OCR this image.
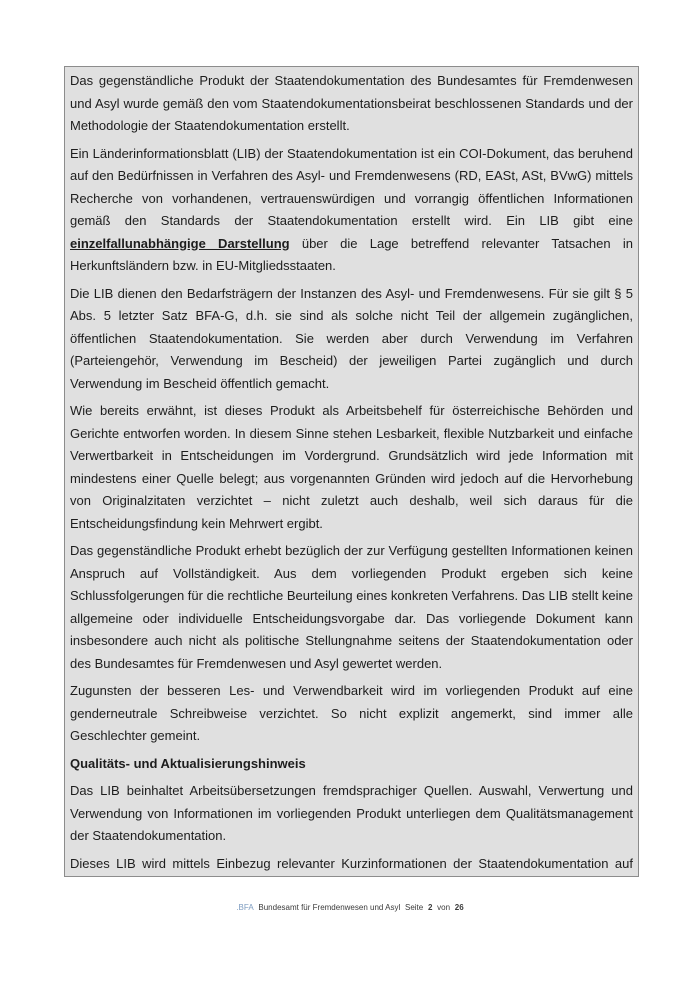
Das gegenständliche Produkt der Staatendokumentation des Bundesamtes für Fremdenwesen und Asyl wurde gemäß den vom Staatendokumentationsbeirat beschlossenen Standards und der Methodologie der Staatendokumentation erstellt.

Ein Länderinformationsblatt (LIB) der Staatendokumentation ist ein COI-Dokument, das beruhend auf den Bedürfnissen in Verfahren des Asyl- und Fremdenwesens (RD, EASt, ASt, BVwG) mittels Recherche von vorhandenen, vertrauenswürdigen und vorrangig öffentlichen Informationen gemäß den Standards der Staatendokumentation erstellt wird. Ein LIB gibt eine einzelfallunabhängige Darstellung über die Lage betreffend relevanter Tatsachen in Herkunftsländern bzw. in EU-Mitgliedsstaaten.

Die LIB dienen den Bedarfsträgern der Instanzen des Asyl- und Fremdenwesens. Für sie gilt § 5 Abs. 5 letzter Satz BFA-G, d.h. sie sind als solche nicht Teil der allgemein zugänglichen, öffentlichen Staatendokumentation. Sie werden aber durch Verwendung im Verfahren (Parteiengehör, Verwendung im Bescheid) der jeweiligen Partei zugänglich und durch Verwendung im Bescheid öffentlich gemacht.

Wie bereits erwähnt, ist dieses Produkt als Arbeitsbehelf für österreichische Behörden und Gerichte entworfen worden. In diesem Sinne stehen Lesbarkeit, flexible Nutzbarkeit und einfache Verwertbarkeit in Entscheidungen im Vordergrund. Grundsätzlich wird jede Information mit mindestens einer Quelle belegt; aus vorgenannten Gründen wird jedoch auf die Hervorhebung von Originalzitaten verzichtet – nicht zuletzt auch deshalb, weil sich daraus für die Entscheidungsfindung kein Mehrwert ergibt.

Das gegenständliche Produkt erhebt bezüglich der zur Verfügung gestellten Informationen keinen Anspruch auf Vollständigkeit. Aus dem vorliegenden Produkt ergeben sich keine Schlussfolgerungen für die rechtliche Beurteilung eines konkreten Verfahrens. Das LIB stellt keine allgemeine oder individuelle Entscheidungsvorgabe dar. Das vorliegende Dokument kann insbesondere auch nicht als politische Stellungnahme seitens der Staatendokumentation oder des Bundesamtes für Fremdenwesen und Asyl gewertet werden.

Zugunsten der besseren Les- und Verwendbarkeit wird im vorliegenden Produkt auf eine genderneutrale Schreibweise verzichtet. So nicht explizit angemerkt, sind immer alle Geschlechter gemeint.

Qualitäts- und Aktualisierungshinweis

Das LIB beinhaltet Arbeitsübersetzungen fremdsprachiger Quellen. Auswahl, Verwertung und Verwendung von Informationen im vorliegenden Produkt unterliegen dem Qualitätsmanagement der Staatendokumentation.

Dieses LIB wird mittels Einbezug relevanter Kurzinformationen der Staatendokumentation auf

.BFA Bundesamt für Fremdenwesen und Asyl Seite 2 von 26
